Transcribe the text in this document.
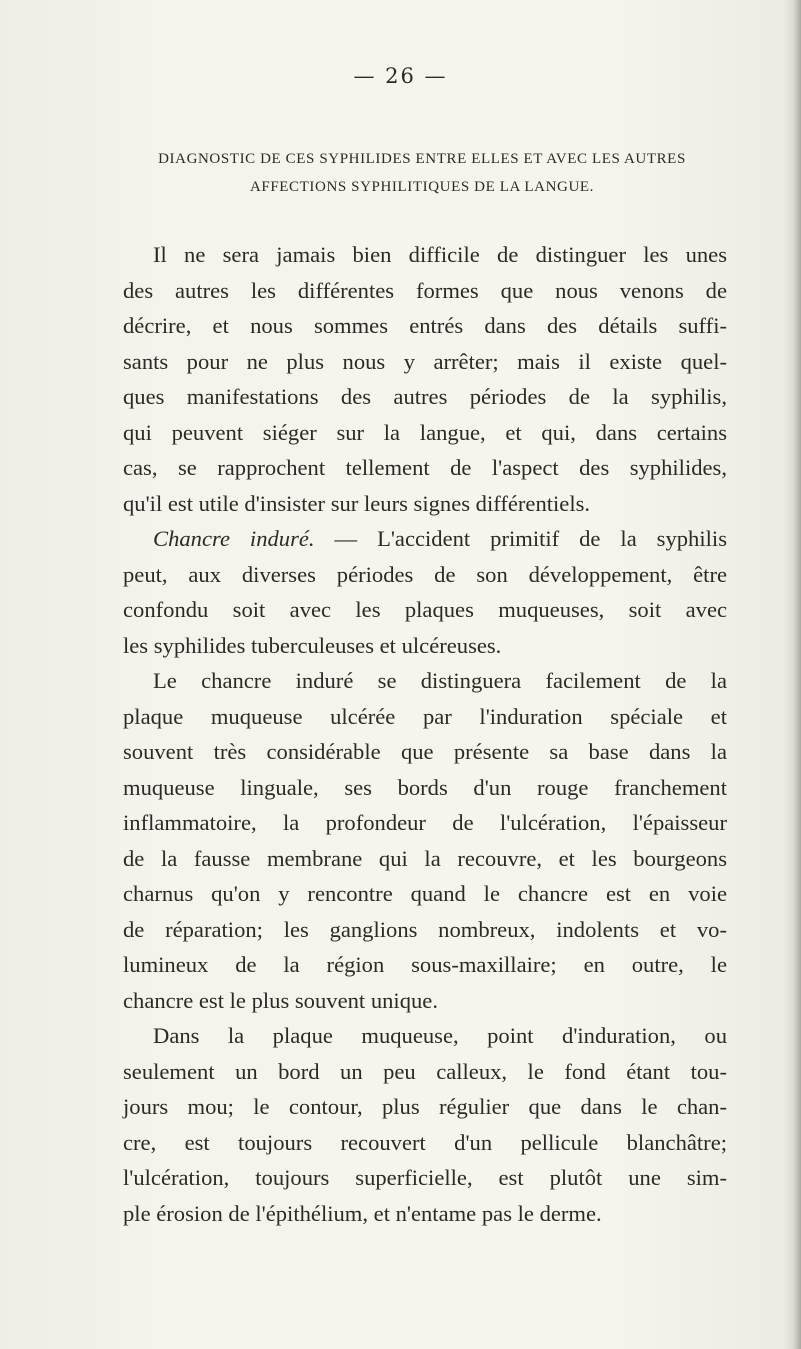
— 26 —
DIAGNOSTIC DE CES SYPHILIDES ENTRE ELLES ET AVEC LES AUTRES
AFFECTIONS SYPHILITIQUES DE LA LANGUE.
Il ne sera jamais bien difficile de distinguer les unes
des autres les différentes formes que nous venons de
décrire, et nous sommes entrés dans des détails suffi-
sants pour ne plus nous y arrêter; mais il existe quel-
ques manifestations des autres périodes de la syphilis,
qui peuvent siéger sur la langue, et qui, dans certains
cas, se rapprochent tellement de l'aspect des syphilides,
qu'il est utile d'insister sur leurs signes différentiels.
Chancre induré. — L'accident primitif de la syphilis
peut, aux diverses périodes de son développement, être
confondu soit avec les plaques muqueuses, soit avec
les syphilides tuberculeuses et ulcéreuses.
Le chancre induré se distinguera facilement de la
plaque muqueuse ulcérée par l'induration spéciale et
souvent très considérable que présente sa base dans la
muqueuse linguale, ses bords d'un rouge franchement
inflammatoire, la profondeur de l'ulcération, l'épaisseur
de la fausse membrane qui la recouvre, et les bourgeons
charnus qu'on y rencontre quand le chancre est en voie
de réparation; les ganglions nombreux, indolents et vo-
lumineux de la région sous-maxillaire; en outre, le
chancre est le plus souvent unique.
Dans la plaque muqueuse, point d'induration, ou
seulement un bord un peu calleux, le fond étant tou-
jours mou; le contour, plus régulier que dans le chan-
cre, est toujours recouvert d'un pellicule blanchâtre;
l'ulcération, toujours superficielle, est plutôt une sim-
ple érosion de l'épithélium, et n'entame pas le derme.
